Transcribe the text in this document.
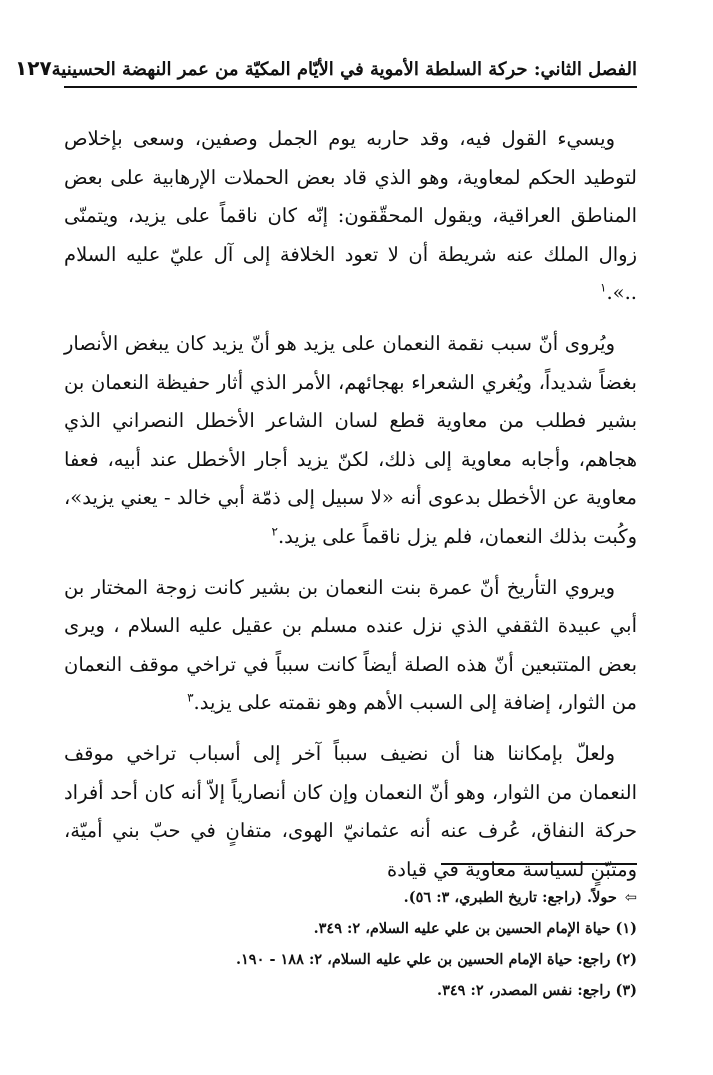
الفصل الثاني: حركة السلطة الأموية في الأيّام المكيّة من عمر النهضة الحسينية
١٢٧

ويسيء القول فيه، وقد حاربه يوم الجمل وصفين، وسعى بإخلاص لتوطيد الحكم لمعاوية، وهو الذي قاد بعض الحملات الإرهابية على بعض المناطق العراقية، ويقول المحقّقون: إنّه كان ناقماً على يزيد، ويتمنّى زوال الملك عنه شريطة أن لا تعود الخلافة إلى آل عليّ عليه السلام ..».$^١$

ويُروى أنّ سبب نقمة النعمان على يزيد هو أنّ يزيد كان يبغض الأنصار بغضاً شديداً، ويُغري الشعراء بهجائهم، الأمر الذي أثار حفيظة النعمان بن بشير فطلب من معاوية قطع لسان الشاعر الأخطل النصراني الذي هجاهم، وأجابه معاوية إلى ذلك، لكنّ يزيد أجار الأخطل عند أبيه، فعفا معاوية عن الأخطل بدعوى أنه «لا سبيل إلى ذمّة أبي خالد - يعني يزيد»، وكُبت بذلك النعمان، فلم يزل ناقماً على يزيد.$^٢$

ويروي التأريخ أنّ عمرة بنت النعمان بن بشير كانت زوجة المختار بن أبي عبيدة الثقفي الذي نزل عنده مسلم بن عقيل عليه السلام ، ويرى بعض المتتبعين أنّ هذه الصلة أيضاً كانت سبباً في تراخي موقف النعمان من الثوار، إضافة إلى السبب الأهم وهو نقمته على يزيد.$^٣$

ولعلّ بإمكاننا هنا أن نضيف سبباً آخر إلى أسباب تراخي موقف النعمان من الثوار، وهو أنّ النعمان وإن كان أنصارياً إلاّ أنه كان أحد أفراد حركة النفاق، عُرف عنه أنه عثمانيّ الهوى، متفانٍ في حبّ بني أميّة، ومتبّنٍ لسياسة معاوية في قيادة

⇦حولاً. (راجع: تاريخ الطبري، ٣: ٥٦).
(١) حياة الإمام الحسين بن علي عليه السلام، ٢: ٣٤٩.
(٢) راجع: حياة الإمام الحسين بن علي عليه السلام، ٢: ١٨٨ - ١٩٠.
(٣) راجع: نفس المصدر، ٢: ٣٤٩.
